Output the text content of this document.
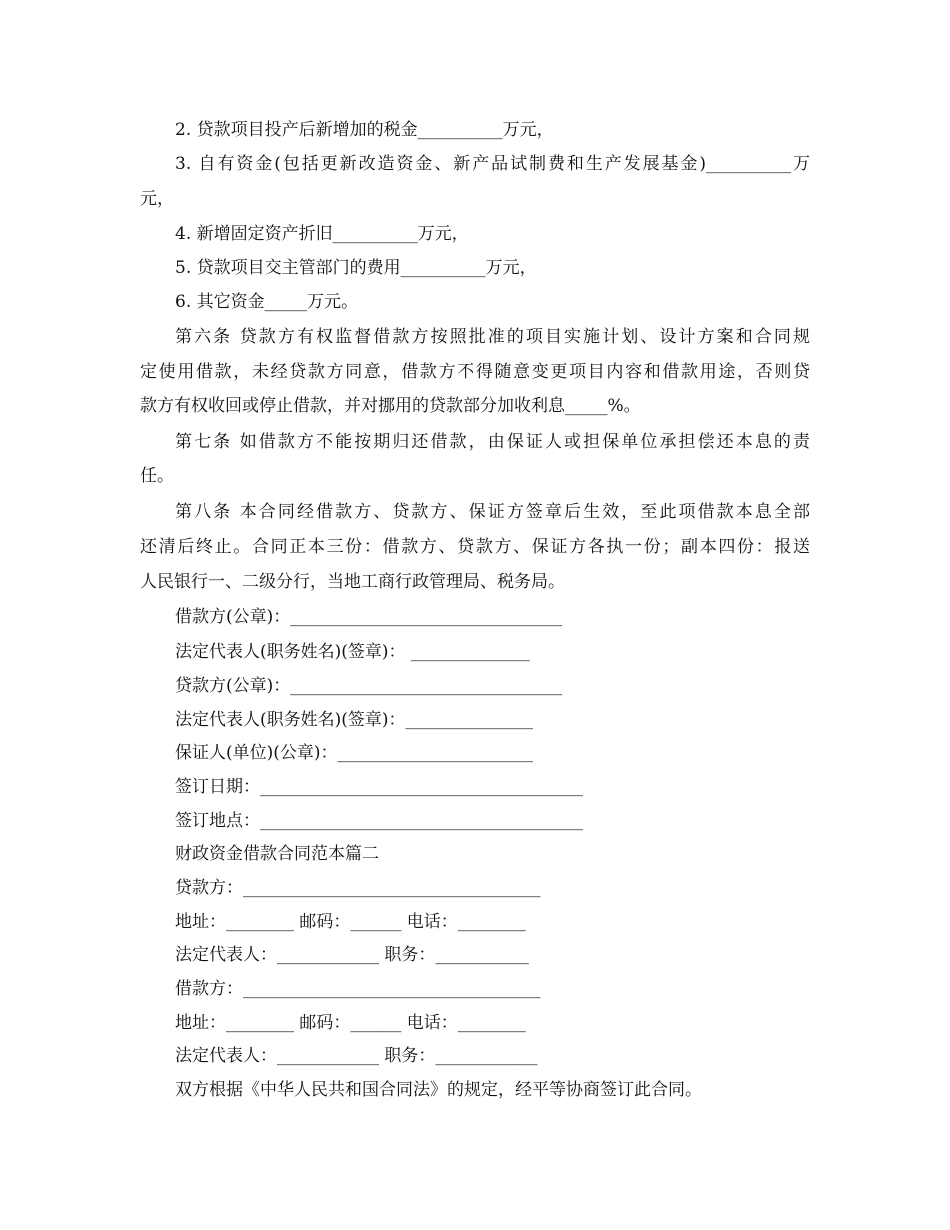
2. 贷款项目投产后新增加的税金__________万元，
3. 自有资金(包括更新改造资金、新产品试制费和生产发展基金)__________万
元，
4. 新增固定资产折旧__________万元，
5. 贷款项目交主管部门的费用__________万元，
6. 其它资金_____万元。
第六条 贷款方有权监督借款方按照批准的项目实施计划、设计方案和合同规
定使用借款，未经贷款方同意，借款方不得随意变更项目内容和借款用途，否则贷
款方有权收回或停止借款，并对挪用的贷款部分加收利息_____%。
第七条 如借款方不能按期归还借款，由保证人或担保单位承担偿还本息的责
任。
第八条 本合同经借款方、贷款方、保证方签章后生效，至此项借款本息全部
还清后终止。合同正本三份：借款方、贷款方、保证方各执一份；副本四份：报送
人民银行一、二级分行，当地工商行政管理局、税务局。
借款方(公章)：________________________________
法定代表人(职务姓名)(签章)： ______________
贷款方(公章)：________________________________
法定代表人(职务姓名)(签章)：_______________
保证人(单位)(公章)：_______________________
签订日期：______________________________________
签订地点：______________________________________
财政资金借款合同范本篇二
贷款方：___________________________________
地址：________ 邮码：______ 电话：________
法定代表人：____________ 职务：___________
借款方：___________________________________
地址：________ 邮码：______ 电话：________
法定代表人：____________ 职务：____________
双方根据《中华人民共和国合同法》的规定，经平等协商签订此合同。
